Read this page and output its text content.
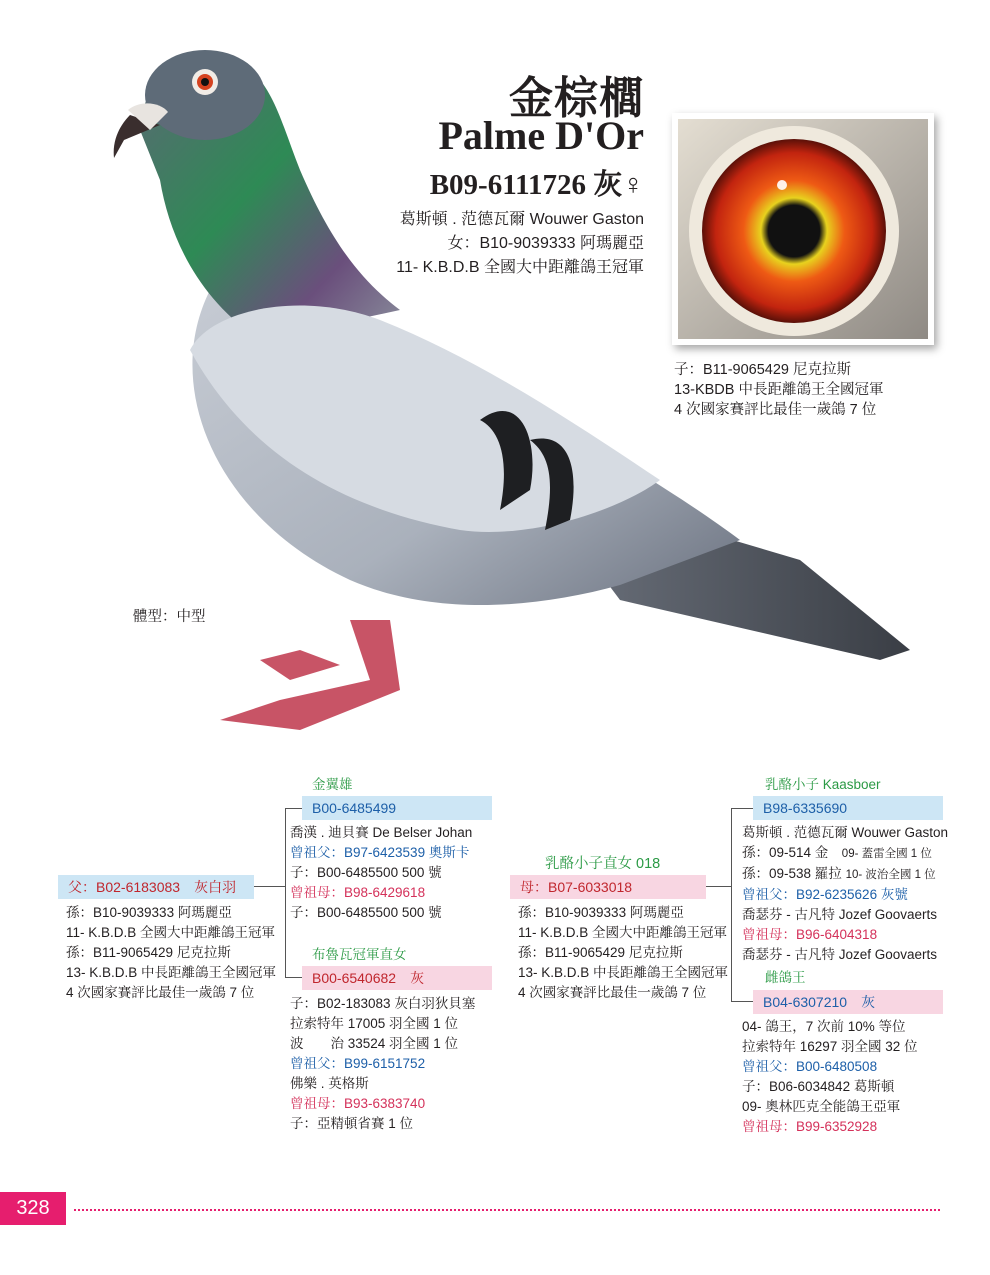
金棕櫚
Palme D'Or
B09-6111726 灰♀
葛斯頓 . 范德瓦爾 Wouwer Gaston
女：B10-9039333 阿瑪麗亞
11- K.B.D.B 全國大中距離鴿王冠軍
子：B11-9065429 尼克拉斯
13-KBDB 中長距離鴿王全國冠軍
4 次國家賽評比最佳一歲鴿 7 位
體型：中型
父：B02-6183083　灰白羽
孫：B10-9039333 阿瑪麗亞
11- K.B.D.B 全國大中距離鴿王冠軍
孫：B11-9065429 尼克拉斯
13- K.B.D.B 中長距離鴿王全國冠軍
4 次國家賽評比最佳一歲鴿 7 位
金翼雄
B00-6485499
喬漢 . 迪貝賽 De Belser Johan
曾祖父：B97-6423539 奧斯卡
子：B00-6485500 500 號
曾祖母：B98-6429618
子：B00-6485500 500 號
布魯瓦冠軍直女
B00-6540682　灰
子：B02-183083 灰白羽狄貝塞
拉索特年 17005 羽全國 1 位
波　　治 33524 羽全國 1 位
曾祖父：B99-6151752
佛樂 . 英格斯
曾祖母：B93-6383740
子：亞精頓省賽 1 位
乳酪小子直女 018
母：B07-6033018
孫：B10-9039333 阿瑪麗亞
11- K.B.D.B 全國大中距離鴿王冠軍
孫：B11-9065429 尼克拉斯
13- K.B.D.B 中長距離鴿王全國冠軍
4 次國家賽評比最佳一歲鴿 7 位
乳酪小子 Kaasboer
B98-6335690
葛斯頓 . 范德瓦爾 Wouwer Gaston
孫：09-514 金　 09- 蓋雷全國 1 位
孫：09-538 羅拉 10- 波治全國 1 位
曾祖父：B92-6235626 灰號
喬瑟芬 - 古凡特 Jozef Goovaerts
曾祖母：B96-6404318
喬瑟芬 - 古凡特 Jozef Goovaerts
雌鴿王
B04-6307210　灰
04- 鴿王，7 次前 10% 等位
拉索特年 16297 羽全國 32 位
曾祖父：B00-6480508
子：B06-6034842 葛斯頓
09- 奧林匹克全能鴿王亞軍
曾祖母：B99-6352928
328
